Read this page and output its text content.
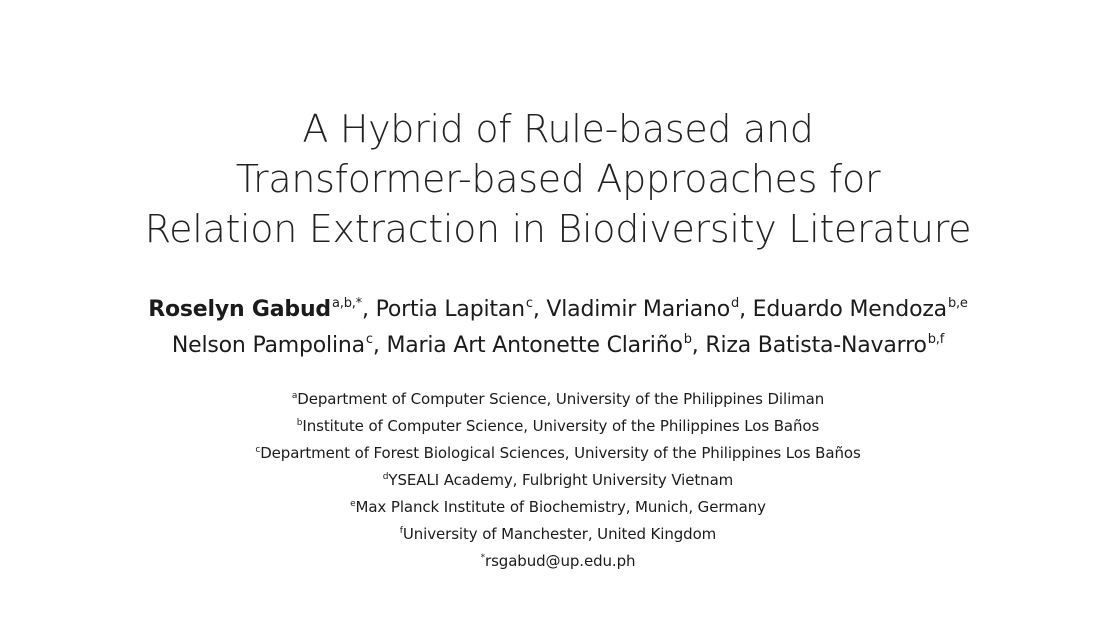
A Hybrid of Rule-based and
Transformer-based Approaches for
Relation Extraction in Biodiversity Literature
Roselyn Gabud$^{a,b,*}$, Portia Lapitan$^c$, Vladimir Mariano$^d$, Eduardo Mendoza$^{b,e}$
Nelson Pampolina$^c$, Maria Art Antonette Clariño$^b$, Riza Batista-Navarro$^{b,f}$
$^a$Department of Computer Science, University of the Philippines Diliman
$^b$Institute of Computer Science, University of the Philippines Los Baños
$^c$Department of Forest Biological Sciences, University of the Philippines Los Baños
$^d$YSEALI Academy, Fulbright University Vietnam
$^e$Max Planck Institute of Biochemistry, Munich, Germany
$^f$University of Manchester, United Kingdom
*rsgabud@up.edu.ph
